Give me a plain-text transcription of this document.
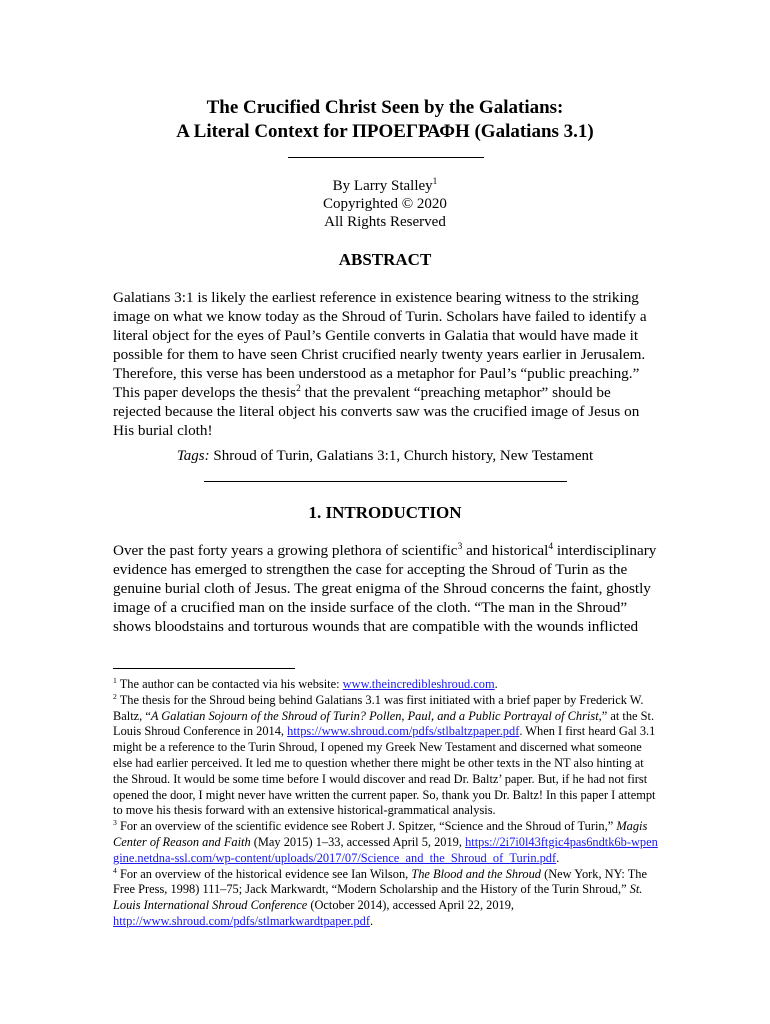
The Crucified Christ Seen by the Galatians:
A Literal Context for ΠΡΟΕΓΡΑΦΗ (Galatians 3.1)
By Larry Stalley$^1$
Copyrighted © 2020
All Rights Reserved
ABSTRACT

Galatians 3:1 is likely the earliest reference in existence bearing witness to the striking image on what we know today as the Shroud of Turin. Scholars have failed to identify a literal object for the eyes of Paul’s Gentile converts in Galatia that would have made it possible for them to have seen Christ crucified nearly twenty years earlier in Jerusalem. Therefore, this verse has been understood as a metaphor for Paul’s “public preaching.” This paper develops the thesis$^2$ that the prevalent “preaching metaphor” should be rejected because the literal object his converts saw was the crucified image of Jesus on His burial cloth!

Tags: Shroud of Turin, Galatians 3:1, Church history, New Testament
1. INTRODUCTION

Over the past forty years a growing plethora of scientific$^3$ and historical$^4$ interdisciplinary evidence has emerged to strengthen the case for accepting the Shroud of Turin as the genuine burial cloth of Jesus. The great enigma of the Shroud concerns the faint, ghostly image of a crucified man on the inside surface of the cloth. “The man in the Shroud” shows bloodstains and torturous wounds that are compatible with the wounds inflicted

$^1$ The author can be contacted via his website: www.theincredibleshroud.com.

$^2$ The thesis for the Shroud being behind Galatians 3.1 was first initiated with a brief paper by Frederick W. Baltz, “A Galatian Sojourn of the Shroud of Turin? Pollen, Paul, and a Public Portrayal of Christ,” at the St. Louis Shroud Conference in 2014, https://www.shroud.com/pdfs/stlbaltzpaper.pdf. When I first heard Gal 3.1 might be a reference to the Turin Shroud, I opened my Greek New Testament and discerned what someone else had earlier perceived. It led me to question whether there might be other texts in the NT also hinting at the Shroud. It would be some time before I would discover and read Dr. Baltz’ paper. But, if he had not first opened the door, I might never have written the current paper. So, thank you Dr. Baltz! In this paper I attempt to move his thesis forward with an extensive historical-grammatical analysis.

$^3$ For an overview of the scientific evidence see Robert J. Spitzer, “Science and the Shroud of Turin,” Magis Center of Reason and Faith (May 2015) 1–33, accessed April 5, 2019, https://2i7i0l43ftgic4pas6ndtk6b-wpengine.netdna-ssl.com/wp-content/uploads/2017/07/Science_and_the_Shroud_of_Turin.pdf.

$^4$ For an overview of the historical evidence see Ian Wilson, The Blood and the Shroud (New York, NY: The Free Press, 1998) 111–75; Jack Markwardt, “Modern Scholarship and the History of the Turin Shroud,” St. Louis International Shroud Conference (October 2014), accessed April 22, 2019, http://www.shroud.com/pdfs/stlmarkwardtpaper.pdf.
